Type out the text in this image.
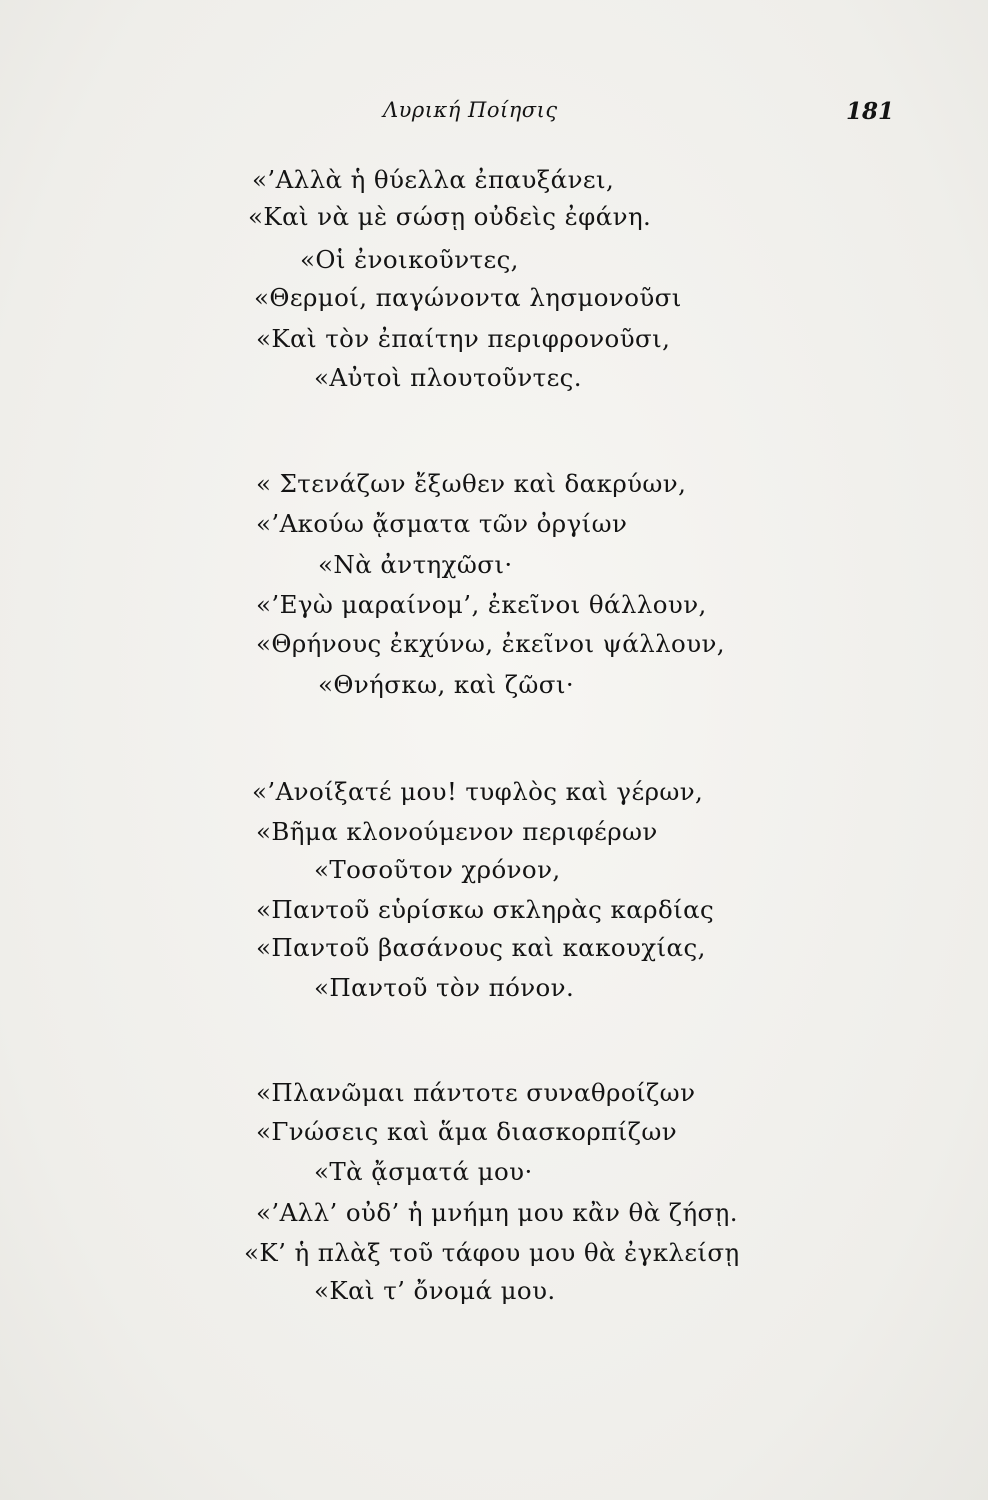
Λυρική Ποίησις	181
«’Αλλὰ ἡ θύελλα ἐπαυξάνει,
«Καὶ νὰ μὲ σώσῃ οὐδεὶς ἐφάνη.
«Οἱ ἐνοικοῦντες,
«Θερμοί, παγώνοντα λησμονοῦσι
«Καὶ τὸν ἐπαίτην περιφρονοῦσι,
«Αὐτοὶ πλουτοῦντες.
« Στενάζων ἔξωθεν καὶ δακρύων,
«’Ακούω ᾄσματα τῶν ὀργίων
«Νὰ ἀντηχῶσι·
«’Εγὼ μαραίνομ’, ἐκεῖνοι θάλλουν,
«Θρήνους ἐκχύνω, ἐκεῖνοι ψάλλουν,
«Θνήσκω, καὶ ζῶσι·
«’Ανοίξατέ μου! τυφλὸς καὶ γέρων,
«Βῆμα κλονούμενον περιφέρων
«Τοσοῦτον χρόνον,
«Παντοῦ εὑρίσκω σκληρὰς καρδίας
«Παντοῦ βασάνους καὶ κακουχίας,
«Παντοῦ τὸν πόνον.
«Πλανῶμαι πάντοτε συναθροίζων
«Γνώσεις καὶ ἅμα διασκορπίζων
«Τὰ ᾄσματά μου·
«’Αλλ’ οὐδ’ ἡ μνήμη μου κἂν θὰ ζήσῃ.
«Κ’ ἡ πλὰξ τοῦ τάφου μου θὰ ἐγκλείσῃ
«Καὶ τ’ ὄνομά μου.
